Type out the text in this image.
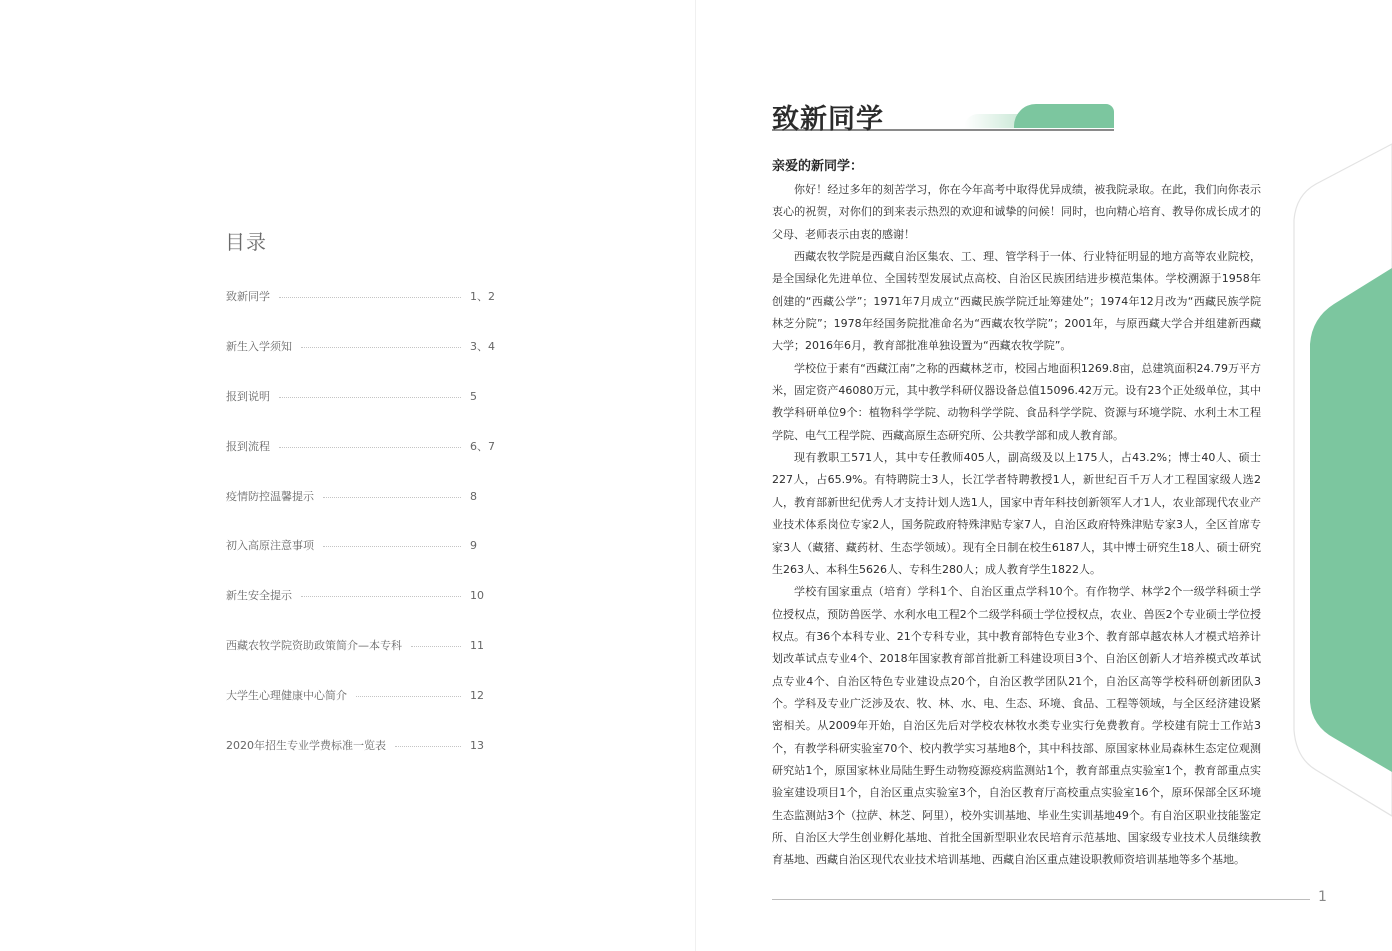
目录
致新同学	1、2
新生入学须知	3、4
报到说明	5
报到流程	6、7
疫情防控温馨提示	8
初入高原注意事项	9
新生安全提示	10
西藏农牧学院资助政策简介—本专科	11
大学生心理健康中心简介	12
2020年招生专业学费标准一览表	13
致新同学
亲爱的新同学：

你好！经过多年的刻苦学习，你在今年高考中取得优异成绩，被我院录取。在此，我们向你表示衷心的祝贺，对你们的到来表示热烈的欢迎和诚挚的问候！同时，也向精心培育、教导你成长成才的父母、老师表示由衷的感谢！

西藏农牧学院是西藏自治区集农、工、理、管学科于一体、行业特征明显的地方高等农业院校，是全国绿化先进单位、全国转型发展试点高校、自治区民族团结进步模范集体。学校溯源于1958年创建的“西藏公学”；1971年7月成立“西藏民族学院迁址筹建处”；1974年12月改为“西藏民族学院林芝分院”；1978年经国务院批准命名为“西藏农牧学院”；2001年，与原西藏大学合并组建新西藏大学；2016年6月，教育部批准单独设置为“西藏农牧学院”。

学校位于素有“西藏江南”之称的西藏林芝市，校园占地面积1269.8亩，总建筑面积24.79万平方米，固定资产46080万元，其中教学科研仪器设备总值15096.42万元。设有23个正处级单位，其中教学科研单位9个：植物科学学院、动物科学学院、食品科学学院、资源与环境学院、水利土木工程学院、电气工程学院、西藏高原生态研究所、公共教学部和成人教育部。

现有教职工571人，其中专任教师405人，副高级及以上175人，占43.2%；博士40人、硕士227人，占65.9%。有特聘院士3人，长江学者特聘教授1人，新世纪百千万人才工程国家级人选2人，教育部新世纪优秀人才支持计划人选1人，国家中青年科技创新领军人才1人，农业部现代农业产业技术体系岗位专家2人，国务院政府特殊津贴专家7人，自治区政府特殊津贴专家3人，全区首席专家3人（藏猪、藏药材、生态学领域）。现有全日制在校生6187人，其中博士研究生18人、硕士研究生263人、本科生5626人、专科生280人；成人教育学生1822人。

学校有国家重点（培育）学科1个、自治区重点学科10个。有作物学、林学2个一级学科硕士学位授权点，预防兽医学、水利水电工程2个二级学科硕士学位授权点，农业、兽医2个专业硕士学位授权点。有36个本科专业、21个专科专业，其中教育部特色专业3个、教育部卓越农林人才模式培养计划改革试点专业4个、2018年国家教育部首批新工科建设项目3个、自治区创新人才培养模式改革试点专业4个、自治区特色专业建设点20个，自治区教学团队21个，自治区高等学校科研创新团队3个。学科及专业广泛涉及农、牧、林、水、电、生态、环境、食品、工程等领域，与全区经济建设紧密相关。从2009年开始，自治区先后对学校农林牧水类专业实行免费教育。学校建有院士工作站3个，有教学科研实验室70个、校内教学实习基地8个，其中科技部、原国家林业局森林生态定位观测研究站1个，原国家林业局陆生野生动物疫源疫病监测站1个，教育部重点实验室1个，教育部重点实验室建设项目1个，自治区重点实验室3个，自治区教育厅高校重点实验室16个，原环保部全区环境生态监测站3个（拉萨、林芝、阿里），校外实训基地、毕业生实训基地49个。有自治区职业技能鉴定所、自治区大学生创业孵化基地、首批全国新型职业农民培育示范基地、国家级专业技术人员继续教育基地、西藏自治区现代农业技术培训基地、西藏自治区重点建设职教师资培训基地等多个基地。

1
